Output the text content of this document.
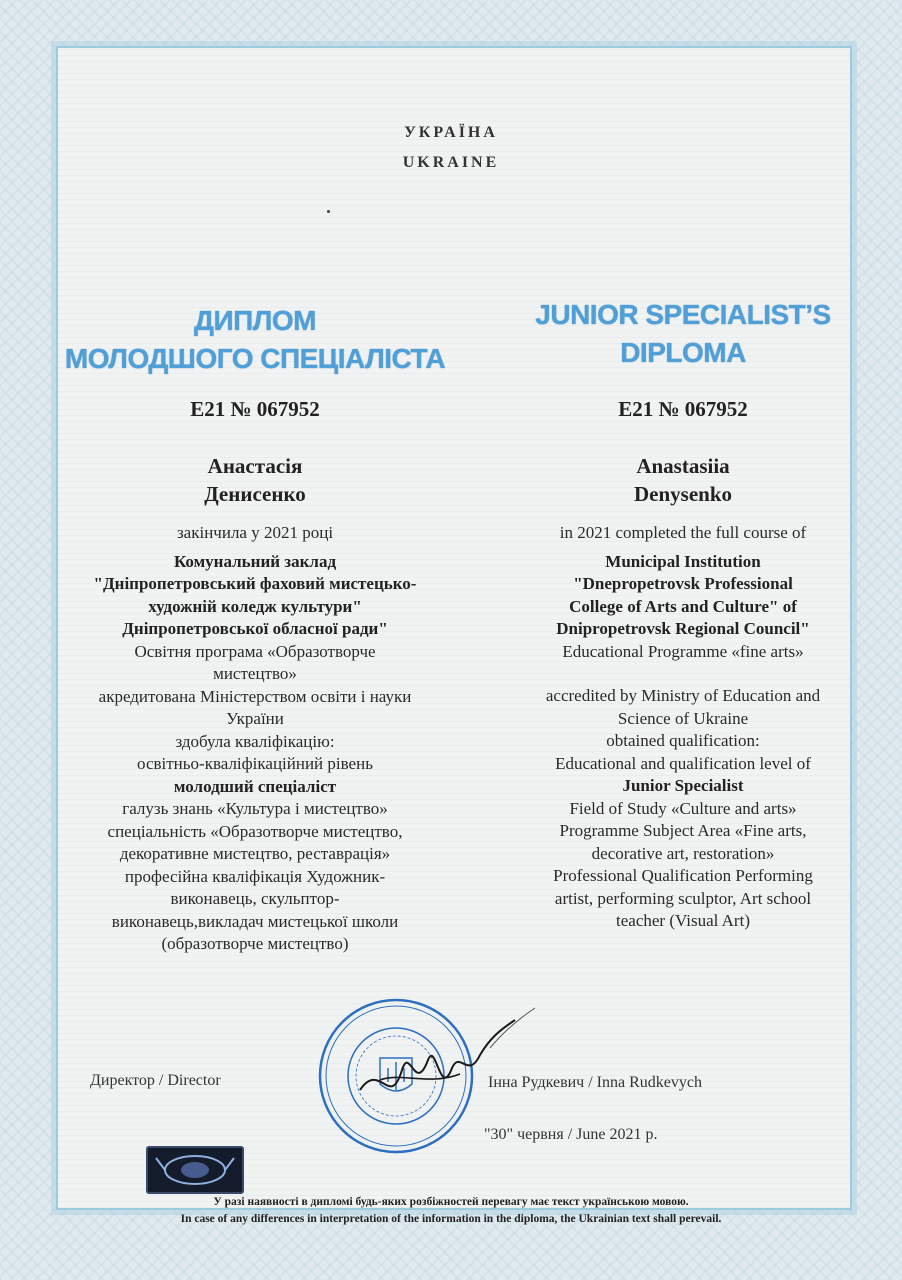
УКРАЇНА
UKRAINE
ДИПЛОМ
МОЛОДШОГО СПЕЦІАЛІСТА
JUNIOR SPECIALIST’S
DIPLOMA
Е21 № 067952	E21 № 067952
Анастасія
Денисенко
Anastasiia
Denysenko
закінчила у 2021 році
Комунальний заклад
"Дніпропетровський фаховий мистецько-
художній коледж культури"
Дніпропетровської обласної ради"
Освітня програма «Образотворче
мистецтво»
акредитована Міністерством освіти і науки
України
здобула кваліфікацію:
освітньо-кваліфікаційний рівень
молодший спеціаліст
галузь знань «Культура і мистецтво»
спеціальність «Образотворче мистецтво,
декоративне мистецтво, реставрація»
професійна кваліфікація Художник-
виконавець, скульптор-
виконавець,викладач мистецької школи
(образотворче мистецтво)
in 2021 completed the full course of
Municipal Institution
"Dnepropetrovsk Professional
College of Arts and Culture" of
Dnipropetrovsk Regional Council"
Educational Programme «fine arts»
accredited by Ministry of Education and
Science of Ukraine
obtained qualification:
Educational and qualification level of
Junior Specialist
Field of Study «Culture and arts»
Programme Subject Area «Fine arts,
decorative art, restoration»
Professional Qualification Performing
artist, performing sculptor, Art school
teacher (Visual Art)
Директор / Director	Інна Рудкевич / Inna Rudkevych
"30" червня / June 2021 р.
У разі наявності в дипломі будь-яких розбіжностей перевагу має текст українською мовою.
In case of any differences in interpretation of the information in the diploma, the Ukrainian text shall perevail.
